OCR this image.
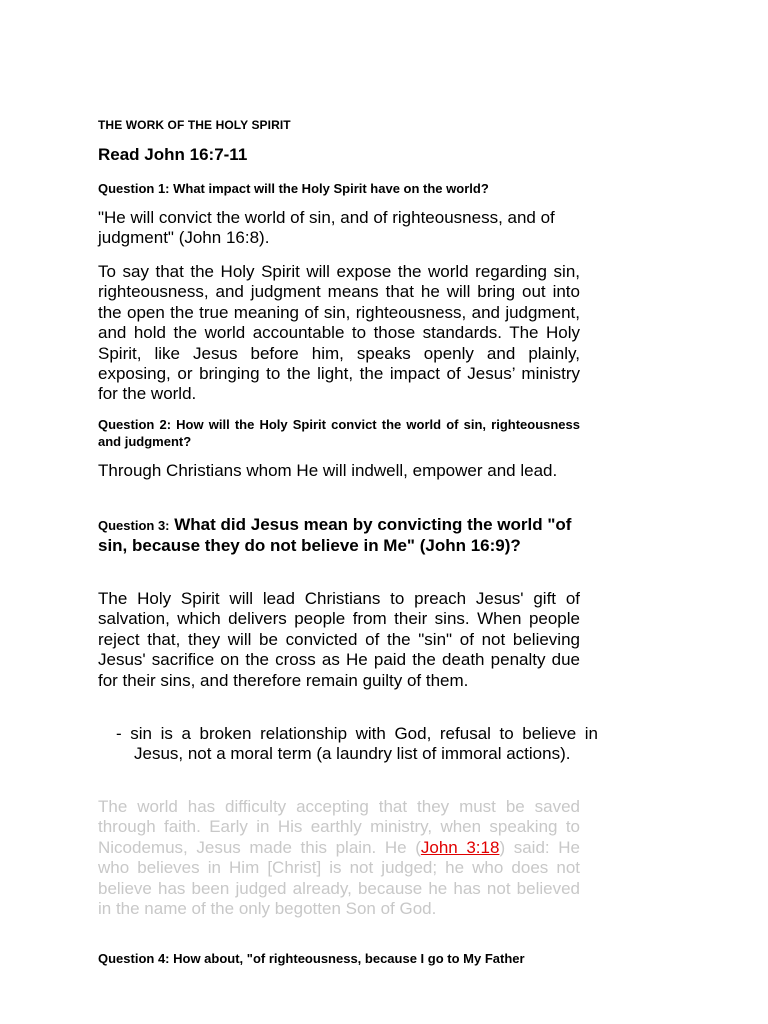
THE WORK OF THE HOLY SPIRIT
Read John 16:7-11

Question 1: What impact will the Holy Spirit have on the world?

"He will convict the world of sin, and of righteousness, and of judgment" (John 16:8).

To say that the Holy Spirit will expose the world regarding sin, righteousness, and judgment means that he will bring out into the open the true meaning of sin, righteousness, and judgment, and hold the world accountable to those standards. The Holy Spirit, like Jesus before him, speaks openly and plainly, exposing, or bringing to the light, the impact of Jesus’ ministry for the world.

Question 2: How will the Holy Spirit convict the world of sin, righteousness and judgment?

Through Christians whom He will indwell, empower and lead.

Question 3: What did Jesus mean by convicting the world "of sin, because they do not believe in Me" (John 16:9)?

The Holy Spirit will lead Christians to preach Jesus' gift of salvation, which delivers people from their sins. When people reject that, they will be convicted of the "sin" of not believing Jesus' sacrifice on the cross as He paid the death penalty due for their sins, and therefore remain guilty of them.

- sin is a broken relationship with God, refusal to believe in Jesus, not a moral term (a laundry list of immoral actions).

The world has difficulty accepting that they must be saved through faith. Early in His earthly ministry, when speaking to Nicodemus, Jesus made this plain. He (John 3:18) said: He who believes in Him [Christ] is not judged; he who does not believe has been judged already, because he has not believed in the name of the only begotten Son of God.

Question 4: How about, "of righteousness, because I go to My Father
